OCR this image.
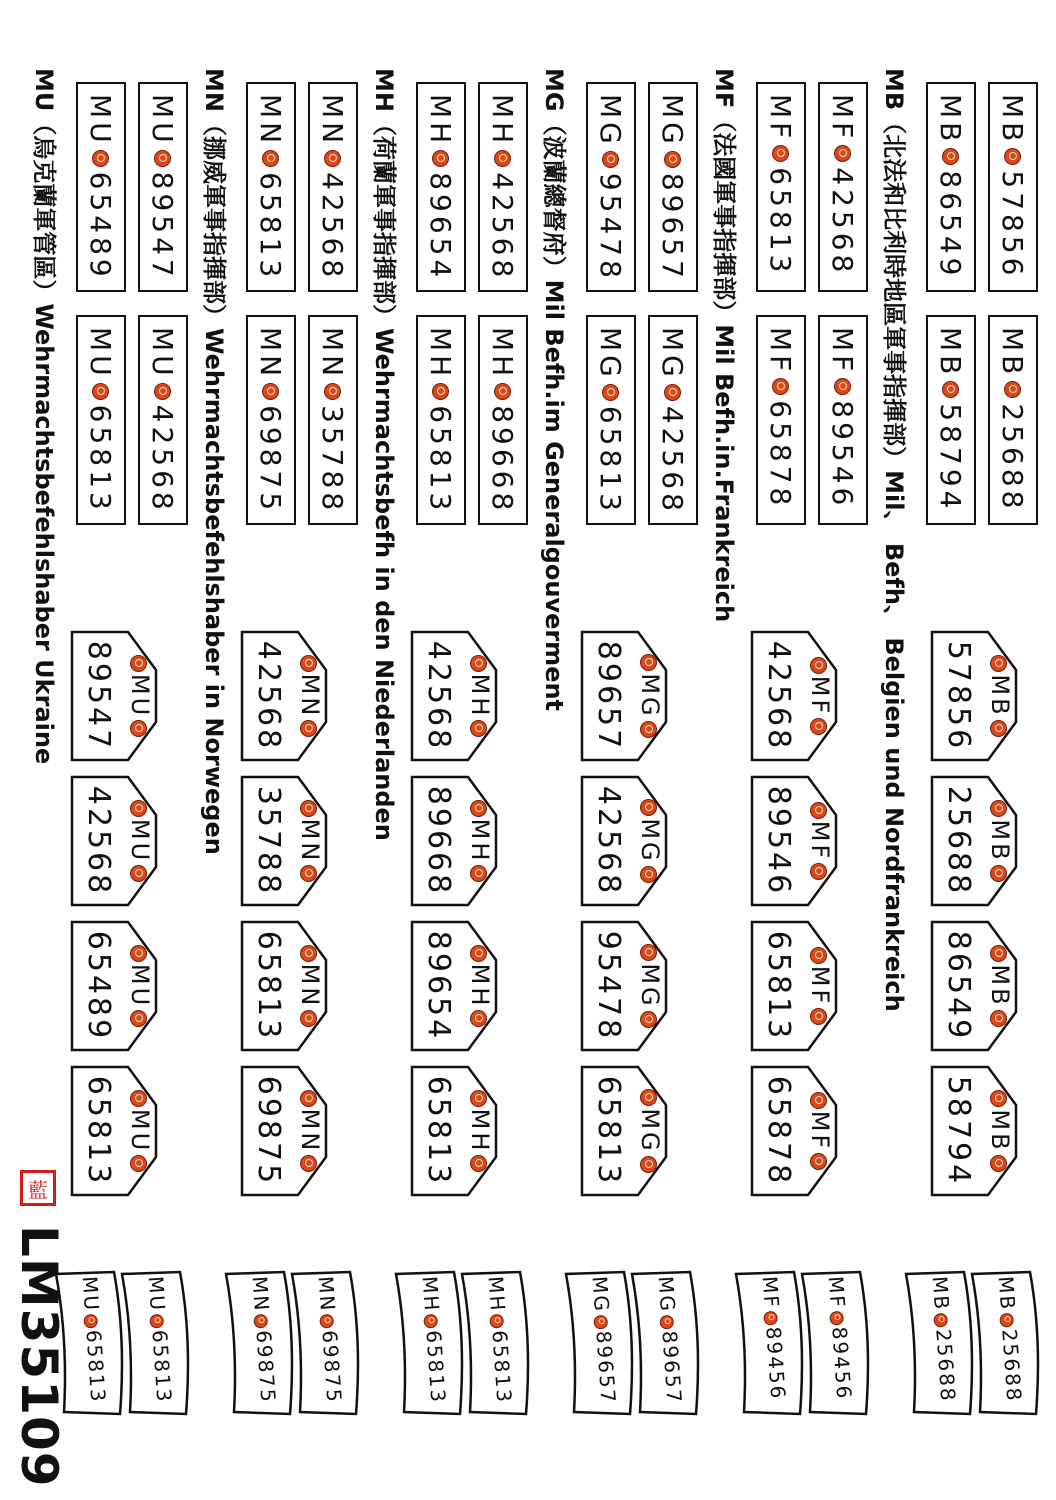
MB
57856
MB
25688
MB
86549
MB
58794
MB（北法和比利時地區軍事指揮部）Mil、 Befh、 Belgien und Nordfrankreich	MB
57856
MB
25688
MB
86549
MB
58794
MB25688
MB25688
MF
42568
MF
89546
MF
65813
MF
65878
MF（法國軍事指揮部）Mil Befh.in.Frankreich
MF
42568
MF
89546
MF
65813
MF
65878
MF89456
MF89456
MG
89657
MG
42568
MG
95478
MG
65813
MG（波蘭總督府）Mil Befh.im Generalgouverment	MG
89657
MG
42568
MG
95478
MG
65813
MG89657
MG89657
MH
42568
MH
89668
MH
89654
MH
65813
MH（荷蘭軍事指揮部）Wehrmachtsbefh in den Niederlanden	MH
42568
MH
89668
MH
89654
MH
65813
MH65813
MH65813
MN
42568
MN
35788
MN
65813
MN
69875
MN（挪威軍事指揮部）Wehrmachtsbefehlshaber in Norwegen	MN
42568
MN
35788
MN
65813
MN
69875
MN69875
MN69875
MU
89547
MU
42568
MU
65489
MU
65813
MU（烏克蘭軍管區）Wehrmachtsbefehlshaber Ukraine	MU
89547
MU
42568
MU
65489
MU
65813
MU65813
MU65813
藍
LM35109
